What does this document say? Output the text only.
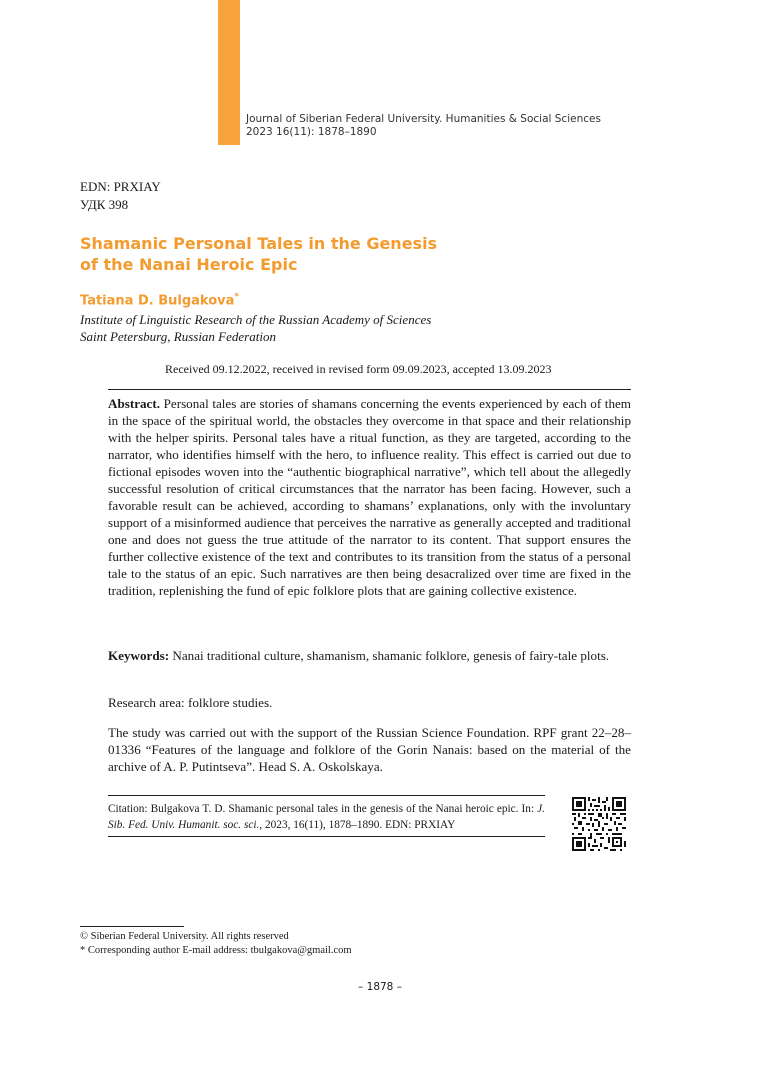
Journal of Siberian Federal University. Humanities & Social Sciences
2023 16(11): 1878–1890
EDN: PRXIAY
УДК 398
Shamanic Personal Tales in the Genesis
of the Nanai Heroic Epic
Tatiana D. Bulgakova*
Institute of Linguistic Research of the Russian Academy of Sciences
Saint Petersburg, Russian Federation
Received 09.12.2022, received in revised form 09.09.2023, accepted 13.09.2023
Abstract. Personal tales are stories of shamans concerning the events experienced by each of them in the space of the spiritual world, the obstacles they overcome in that space and their relationship with the helper spirits. Personal tales have a ritual function, as they are targeted, according to the narrator, who identifies himself with the hero, to influence reality. This effect is carried out due to fictional episodes woven into the “authentic biographical narrative”, which tell about the allegedly successful resolution of critical circumstances that the narrator has been facing. However, such a favorable result can be achieved, according to shamans’ explanations, only with the involuntary support of a misinformed audience that perceives the narrative as generally accepted and traditional one and does not guess the true attitude of the narrator to its content. That support ensures the further collective existence of the text and contributes to its transition from the status of a personal tale to the status of an epic. Such narratives are then being desacralized over time are fixed in the tradition, replenishing the fund of epic folklore plots that are gaining collective existence.
Keywords: Nanai traditional culture, shamanism, shamanic folklore, genesis of fairy-tale plots.
Research area: folklore studies.
The study was carried out with the support of the Russian Science Foundation. RPF grant 22–28–01336 “Features of the language and folklore of the Gorin Nanais: based on the material of the archive of A. P. Putintseva”. Head S. A. Oskolskaya.
Citation: Bulgakova T. D. Shamanic personal tales in the genesis of the Nanai heroic epic. In: J. Sib. Fed. Univ. Humanit. soc. sci., 2023, 16(11), 1878–1890. EDN: PRXIAY
© Siberian Federal University. All rights reserved
* Corresponding author E-mail address: tbulgakova@gmail.com
– 1878 –
